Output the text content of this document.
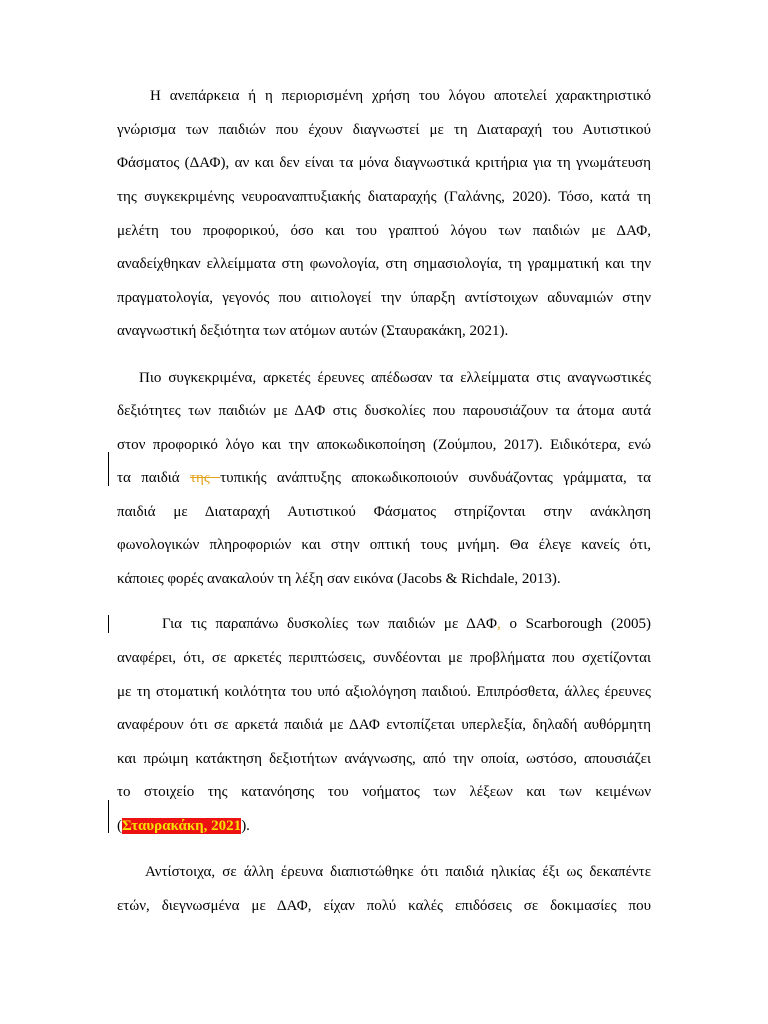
Η ανεπάρκεια ή η περιορισμένη χρήση του λόγου αποτελεί χαρακτηριστικό
γνώρισμα των παιδιών που έχουν διαγνωστεί με τη Διαταραχή του Αυτιστικού
Φάσματος (ΔΑΦ), αν και δεν είναι τα μόνα διαγνωστικά κριτήρια για τη γνωμάτευση
της συγκεκριμένης νευροαναπτυξιακής διαταραχής (Γαλάνης, 2020). Τόσο, κατά τη
μελέτη του προφορικού, όσο και του γραπτού λόγου των παιδιών με ΔΑΦ,
αναδείχθηκαν ελλείμματα στη φωνολογία, στη σημασιολογία, τη γραμματική και την
πραγματολογία, γεγονός που αιτιολογεί την ύπαρξη αντίστοιχων αδυναμιών στην
αναγνωστική δεξιότητα των ατόμων αυτών (Σταυρακάκη, 2021).
Πιο συγκεκριμένα, αρκετές έρευνες απέδωσαν τα ελλείμματα στις αναγνωστικές
δεξιότητες των παιδιών με ΔΑΦ στις δυσκολίες που παρουσιάζουν τα άτομα αυτά
στον προφορικό λόγο και την αποκωδικοποίηση (Ζούμπου, 2017). Ειδικότερα, ενώ
τα παιδιά της τυπικής ανάπτυξης αποκωδικοποιούν συνδυάζοντας γράμματα, τα
παιδιά με Διαταραχή Αυτιστικού Φάσματος στηρίζονται στην ανάκληση
φωνολογικών πληροφοριών και στην οπτική τους μνήμη. Θα έλεγε κανείς ότι,
κάποιες φορές ανακαλούν τη λέξη σαν εικόνα (Jacobs & Richdale, 2013).
Για τις παραπάνω δυσκολίες των παιδιών με ΔΑΦ, ο Scarborough (2005)
αναφέρει, ότι, σε αρκετές περιπτώσεις, συνδέονται με προβλήματα που σχετίζονται
με τη στοματική κοιλότητα του υπό αξιολόγηση παιδιού. Επιπρόσθετα, άλλες έρευνες
αναφέρουν ότι σε αρκετά παιδιά με ΔΑΦ εντοπίζεται υπερλεξία, δηλαδή αυθόρμητη
και πρώιμη κατάκτηση δεξιοτήτων ανάγνωσης, από την οποία, ωστόσο, απουσιάζει
το στοιχείο της κατανόησης του νοήματος των λέξεων και των κειμένων
(Σταυρακάκη, 2021).
Αντίστοιχα, σε άλλη έρευνα διαπιστώθηκε ότι παιδιά ηλικίας έξι ως δεκαπέντε
ετών, διεγνωσμένα με ΔΑΦ, είχαν πολύ καλές επιδόσεις σε δοκιμασίες που
